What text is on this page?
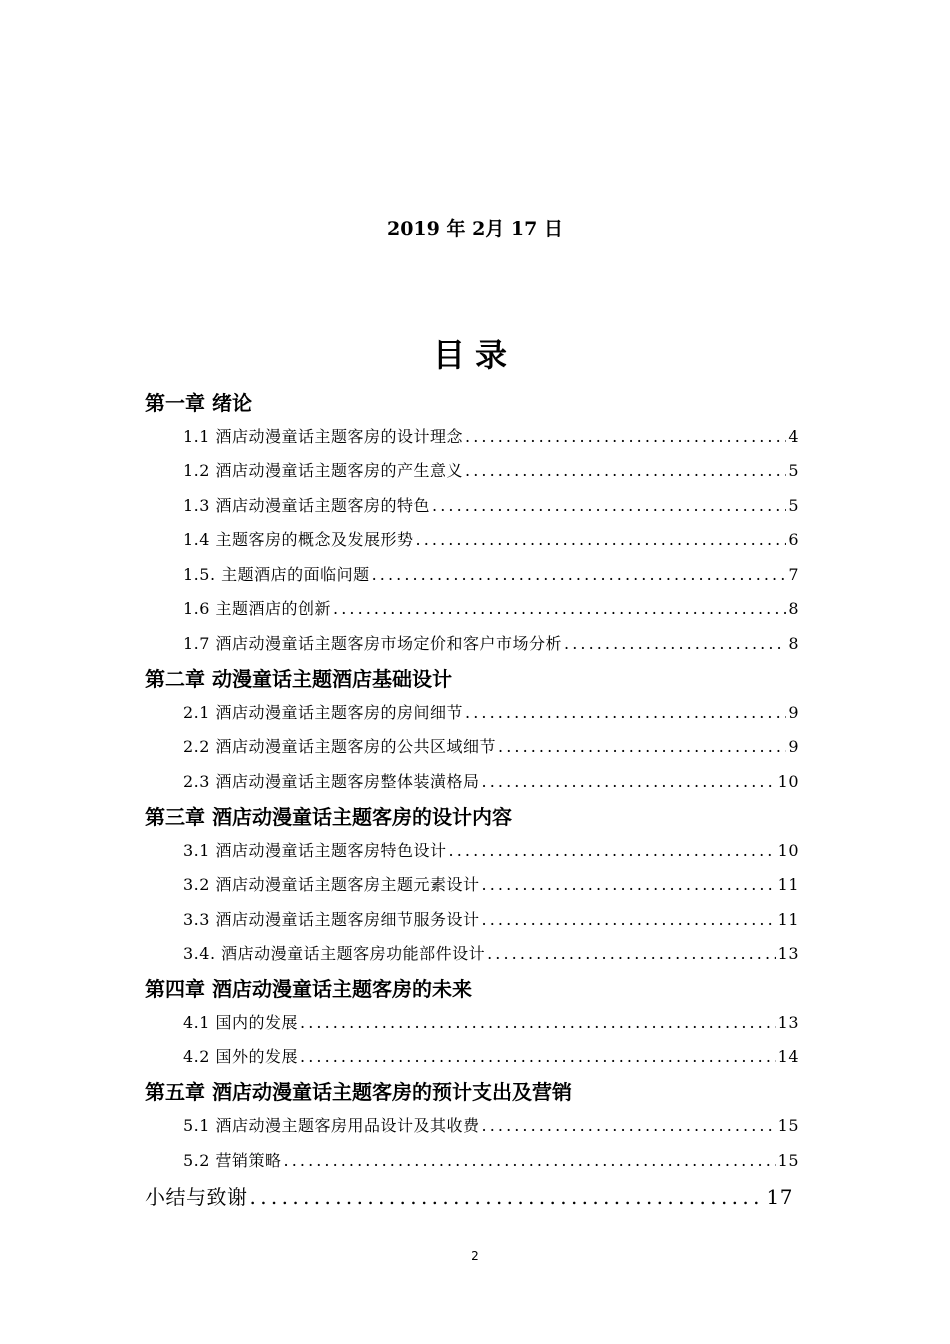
2019 年 2月 17 日
目录
第一章 绪论
1.1 酒店动漫童话主题客房的设计理念 . . .	4
1.2 酒店动漫童话主题客房的产生意义 . . .	5
1.3 酒店动漫童话主题客房的特色 . . .	5
1.4 主题客房的概念及发展形势 . . .	6
1.5. 主题酒店的面临问题 . . .	7
1.6 主题酒店的创新 . . .	8
1.7 酒店动漫童话主题客房市场定价和客户市场分析 . . .	8
第二章 动漫童话主题酒店基础设计
2.1 酒店动漫童话主题客房的房间细节 . . .	9
2.2 酒店动漫童话主题客房的公共区域细节 . . .	9
2.3 酒店动漫童话主题客房整体装潢格局 . . .	10
第三章 酒店动漫童话主题客房的设计内容
3.1 酒店动漫童话主题客房特色设计 . . .	10
3.2 酒店动漫童话主题客房主题元素设计 . . .	11
3.3 酒店动漫童话主题客房细节服务设计 . . .	11
3.4. 酒店动漫童话主题客房功能部件设计 . . .	13
第四章 酒店动漫童话主题客房的未来
4.1 国内的发展 . . .	13
4.2 国外的发展 . . .	14
第五章 酒店动漫童话主题客房的预计支出及营销
5.1 酒店动漫主题客房用品设计及其收费 . . .	15
5.2 营销策略 . . .	15
小结与致谢 . . .	17
2
